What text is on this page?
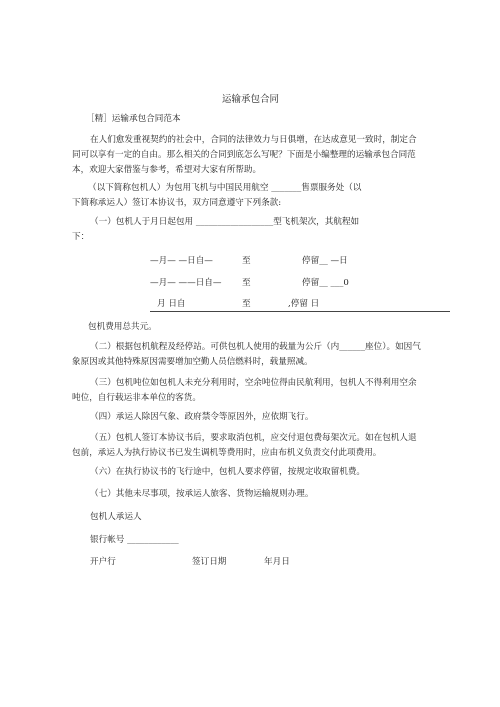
运输承包合同
［精］运输承包合同范本
在人们愈发重视契约的社会中，合同的法律效力与日俱增，在达成意见一致时，制定合同可以享有一定的自由。那么相关的合同到底怎么写呢？下面是小编整理的运输承包合同范本，欢迎大家借鉴与参考，希望对大家有所帮助。
（以下简称包机人）为包用飞机与中国民用航空 _______售票服务处（以
下简称承运人）签订本协议书，双方同意遵守下列条款:
（一）包机人于月日起包用 __________________型飞机架次，其航程如
下：
—月— —日自—	至	停留__ —日
—月— ——日自— 至	停留__ ___0
月 日自	至	,停留 日
包机费用总共元。
（二）根据包机航程及经停站。可供包机人使用的载量为公斤（内______座位）。如因气象原因或其他特殊原因需要增加空勤人员信燃料时，载量照减。
（三）包机吨位如包机人未充分利用时，空余吨位得由民航利用，包机人不得利用空余吨位，自行载运非本单位的客货。
（四）承运人除因气象、政府禁令等原因外，应依期飞行。
（五）包机人签订本协议书后，要求取消包机，应交付退包费每架次元。如在包机人退包前，承运人为执行协议书已发生调机等费用时，应由布机义负责交付此项费用。
（六）在执行协议书的飞行途中，包机人要求停留，按规定收取留机费。
（七）其他未尽事项，按承运人旅客、货物运输规则办理。
包机人承运人
银行帐号 ____________
开户行	签订日期	年月日
